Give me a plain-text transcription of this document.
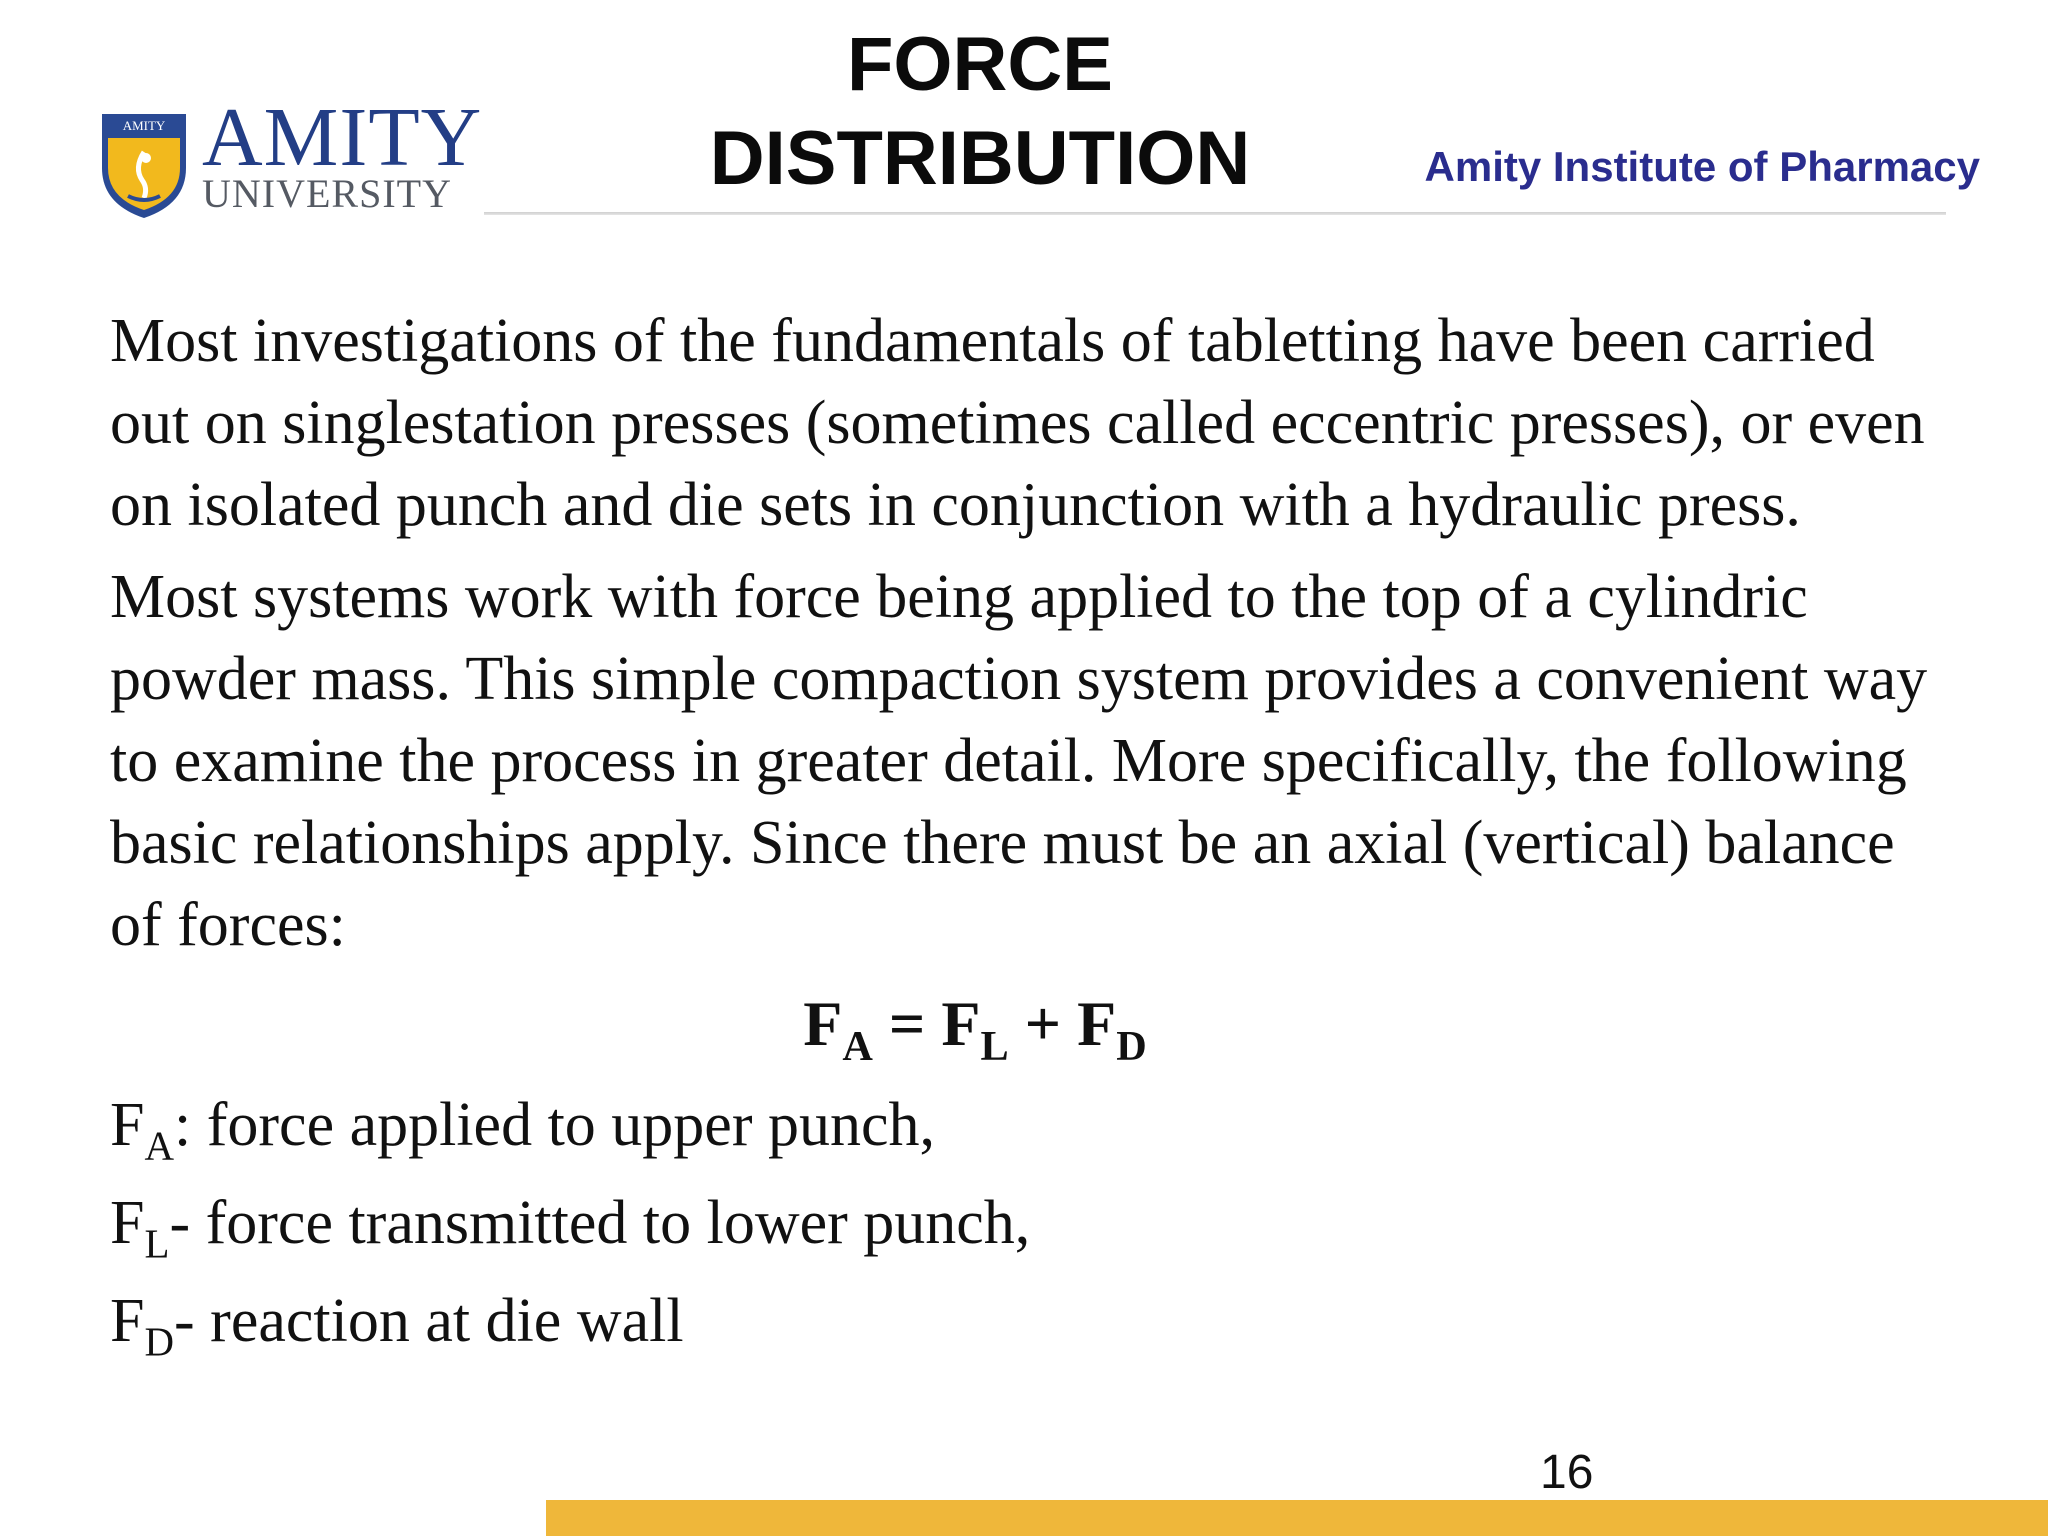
AMITY AMITY
UNIVERSITY
FORCE DISTRIBUTION	Amity Institute of Pharmacy

Most investigations of the fundamentals of tabletting have been carried out on singlestation presses (sometimes called eccentric presses), or even on isolated punch and die sets in conjunction with a hydraulic press.

Most systems work with force being applied to the top of a cylindric powder mass. This simple compaction system provides a convenient way to examine the process in greater detail. More specifically, the following basic relationships apply. Since there must be an axial (vertical) balance of forces:

$F_A = F_L + F_D$

$F_A$: force applied to upper punch,

$F_L-$ force transmitted to lower punch,

$F_D-$ reaction at die wall

16
